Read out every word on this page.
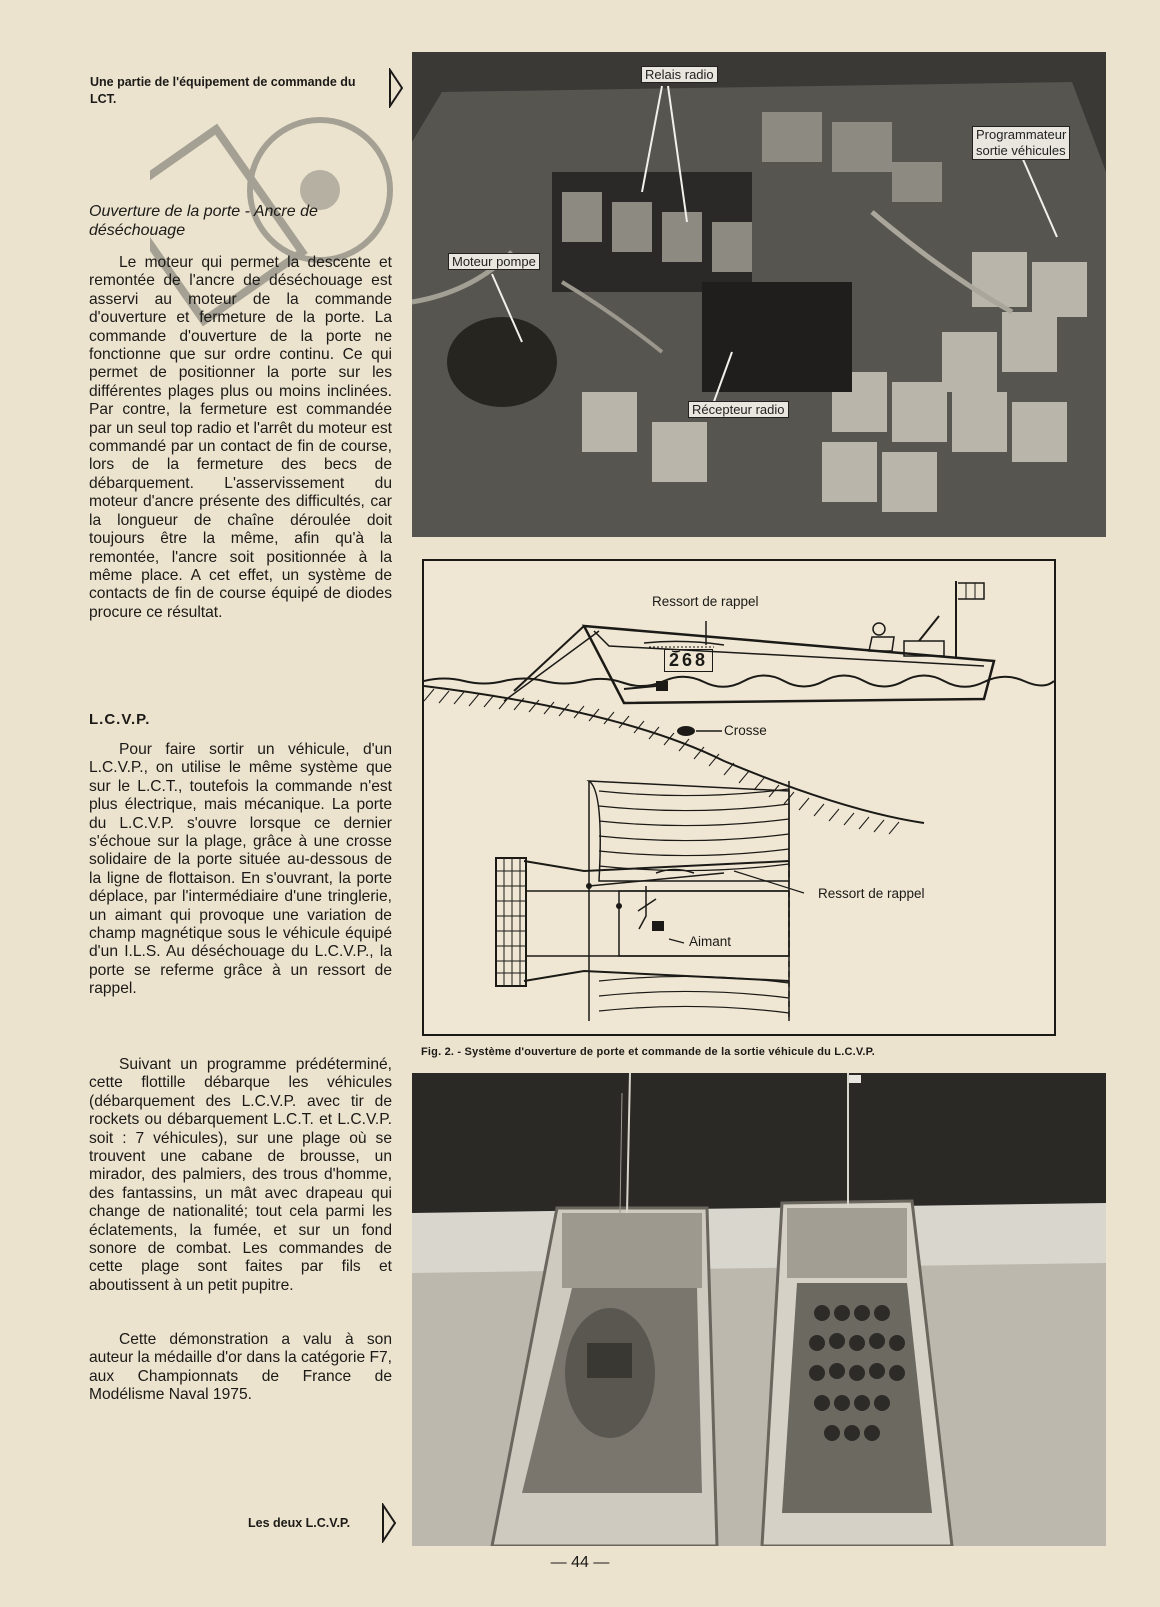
Une partie de l'équipement de commande du LCT.
Ouverture de la porte - Ancre de déséchouage

Le moteur qui permet la descente et remontée de l'ancre de déséchouage est asservi au moteur de la commande d'ouverture et fermeture de la porte. La commande d'ouverture de la porte ne fonctionne que sur ordre continu. Ce qui permet de positionner la porte sur les différentes plages plus ou moins inclinées. Par contre, la fermeture est commandée par un seul top radio et l'arrêt du moteur est commandé par un contact de fin de course, lors de la fermeture des becs de débarquement. L'asservissement du moteur d'ancre présente des difficultés, car la longueur de chaîne déroulée doit toujours être la même, afin qu'à la remontée, l'ancre soit positionnée à la même place. A cet effet, un système de contacts de fin de course équipé de diodes procure ce résultat.

L.C.V.P.

Pour faire sortir un véhicule, d'un L.C.V.P., on utilise le même système que sur le L.C.T., toutefois la commande n'est plus électrique, mais mécanique. La porte du L.C.V.P. s'ouvre lorsque ce dernier s'échoue sur la plage, grâce à une crosse solidaire de la porte située au-dessous de la ligne de flottaison. En s'ouvrant, la porte déplace, par l'intermédiaire d'une tringlerie, un aimant qui provoque une variation de champ magnétique sous le véhicule équipé d'un I.L.S. Au déséchouage du L.C.V.P., la porte se referme grâce à un ressort de rappel.

Suivant un programme prédéterminé, cette flottille débarque les véhicules (débarquement des L.C.V.P. avec tir de rockets ou débarquement L.C.T. et L.C.V.P. soit : 7 véhicules), sur une plage où se trouvent une cabane de brousse, un mirador, des palmiers, des trous d'homme, des fantassins, un mât avec drapeau qui change de nationalité; tout cela parmi les éclatements, la fumée, et sur un fond sonore de combat. Les commandes de cette plage sont faites par fils et aboutissent à un petit pupitre.

Cette démonstration a valu à son auteur la médaille d'or dans la catégorie F7, aux Championnats de France de Modélisme Naval 1975.

Relais radio
Programmateur
sortie véhicules
Moteur pompe
Récepteur radio
Ressort de rappel
268
Crosse
Ressort de rappel
Aimant
Fig. 2. - Système d'ouverture de porte et commande de la sortie véhicule du L.C.V.P.
Les deux L.C.V.P.
— 44 —
